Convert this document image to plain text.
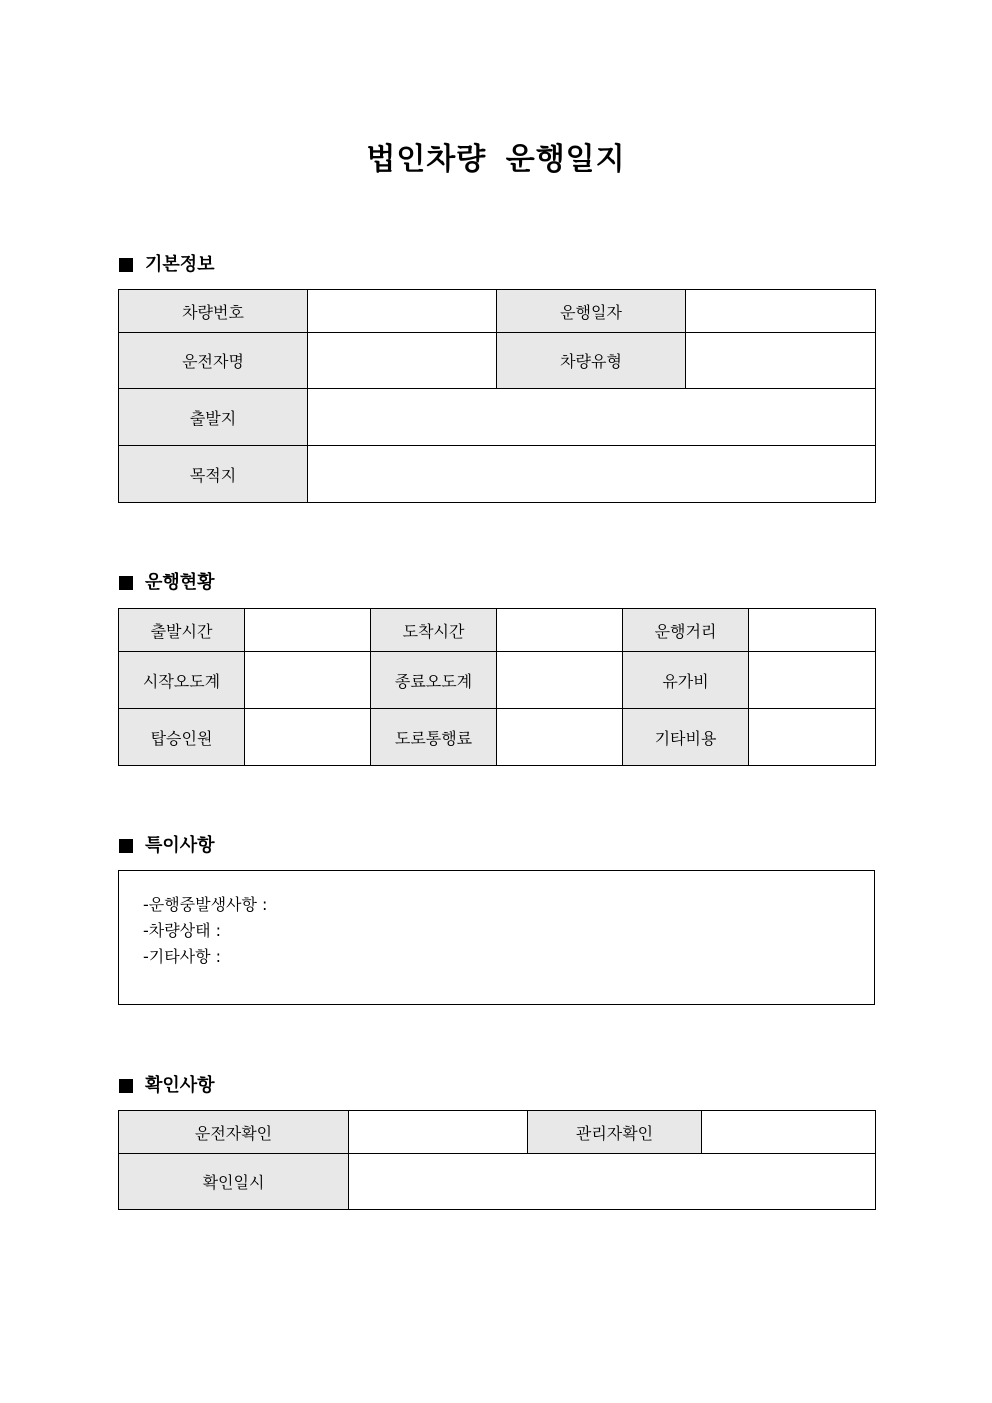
법인차량 운행일지
기본정보
차량번호		운행일자	
운전자명		차량유형	
출발지			
목적지			
운행현황
출발시간		도착시간		운행거리	
시작오도계		종료오도계		유가비	
탑승인원		도로통행료		기타비용	
특이사항
-운행중발생사항 :
-차량상태 :
-기타사항 :
확인사항
운전자확인		관리자확인	
확인일시			
